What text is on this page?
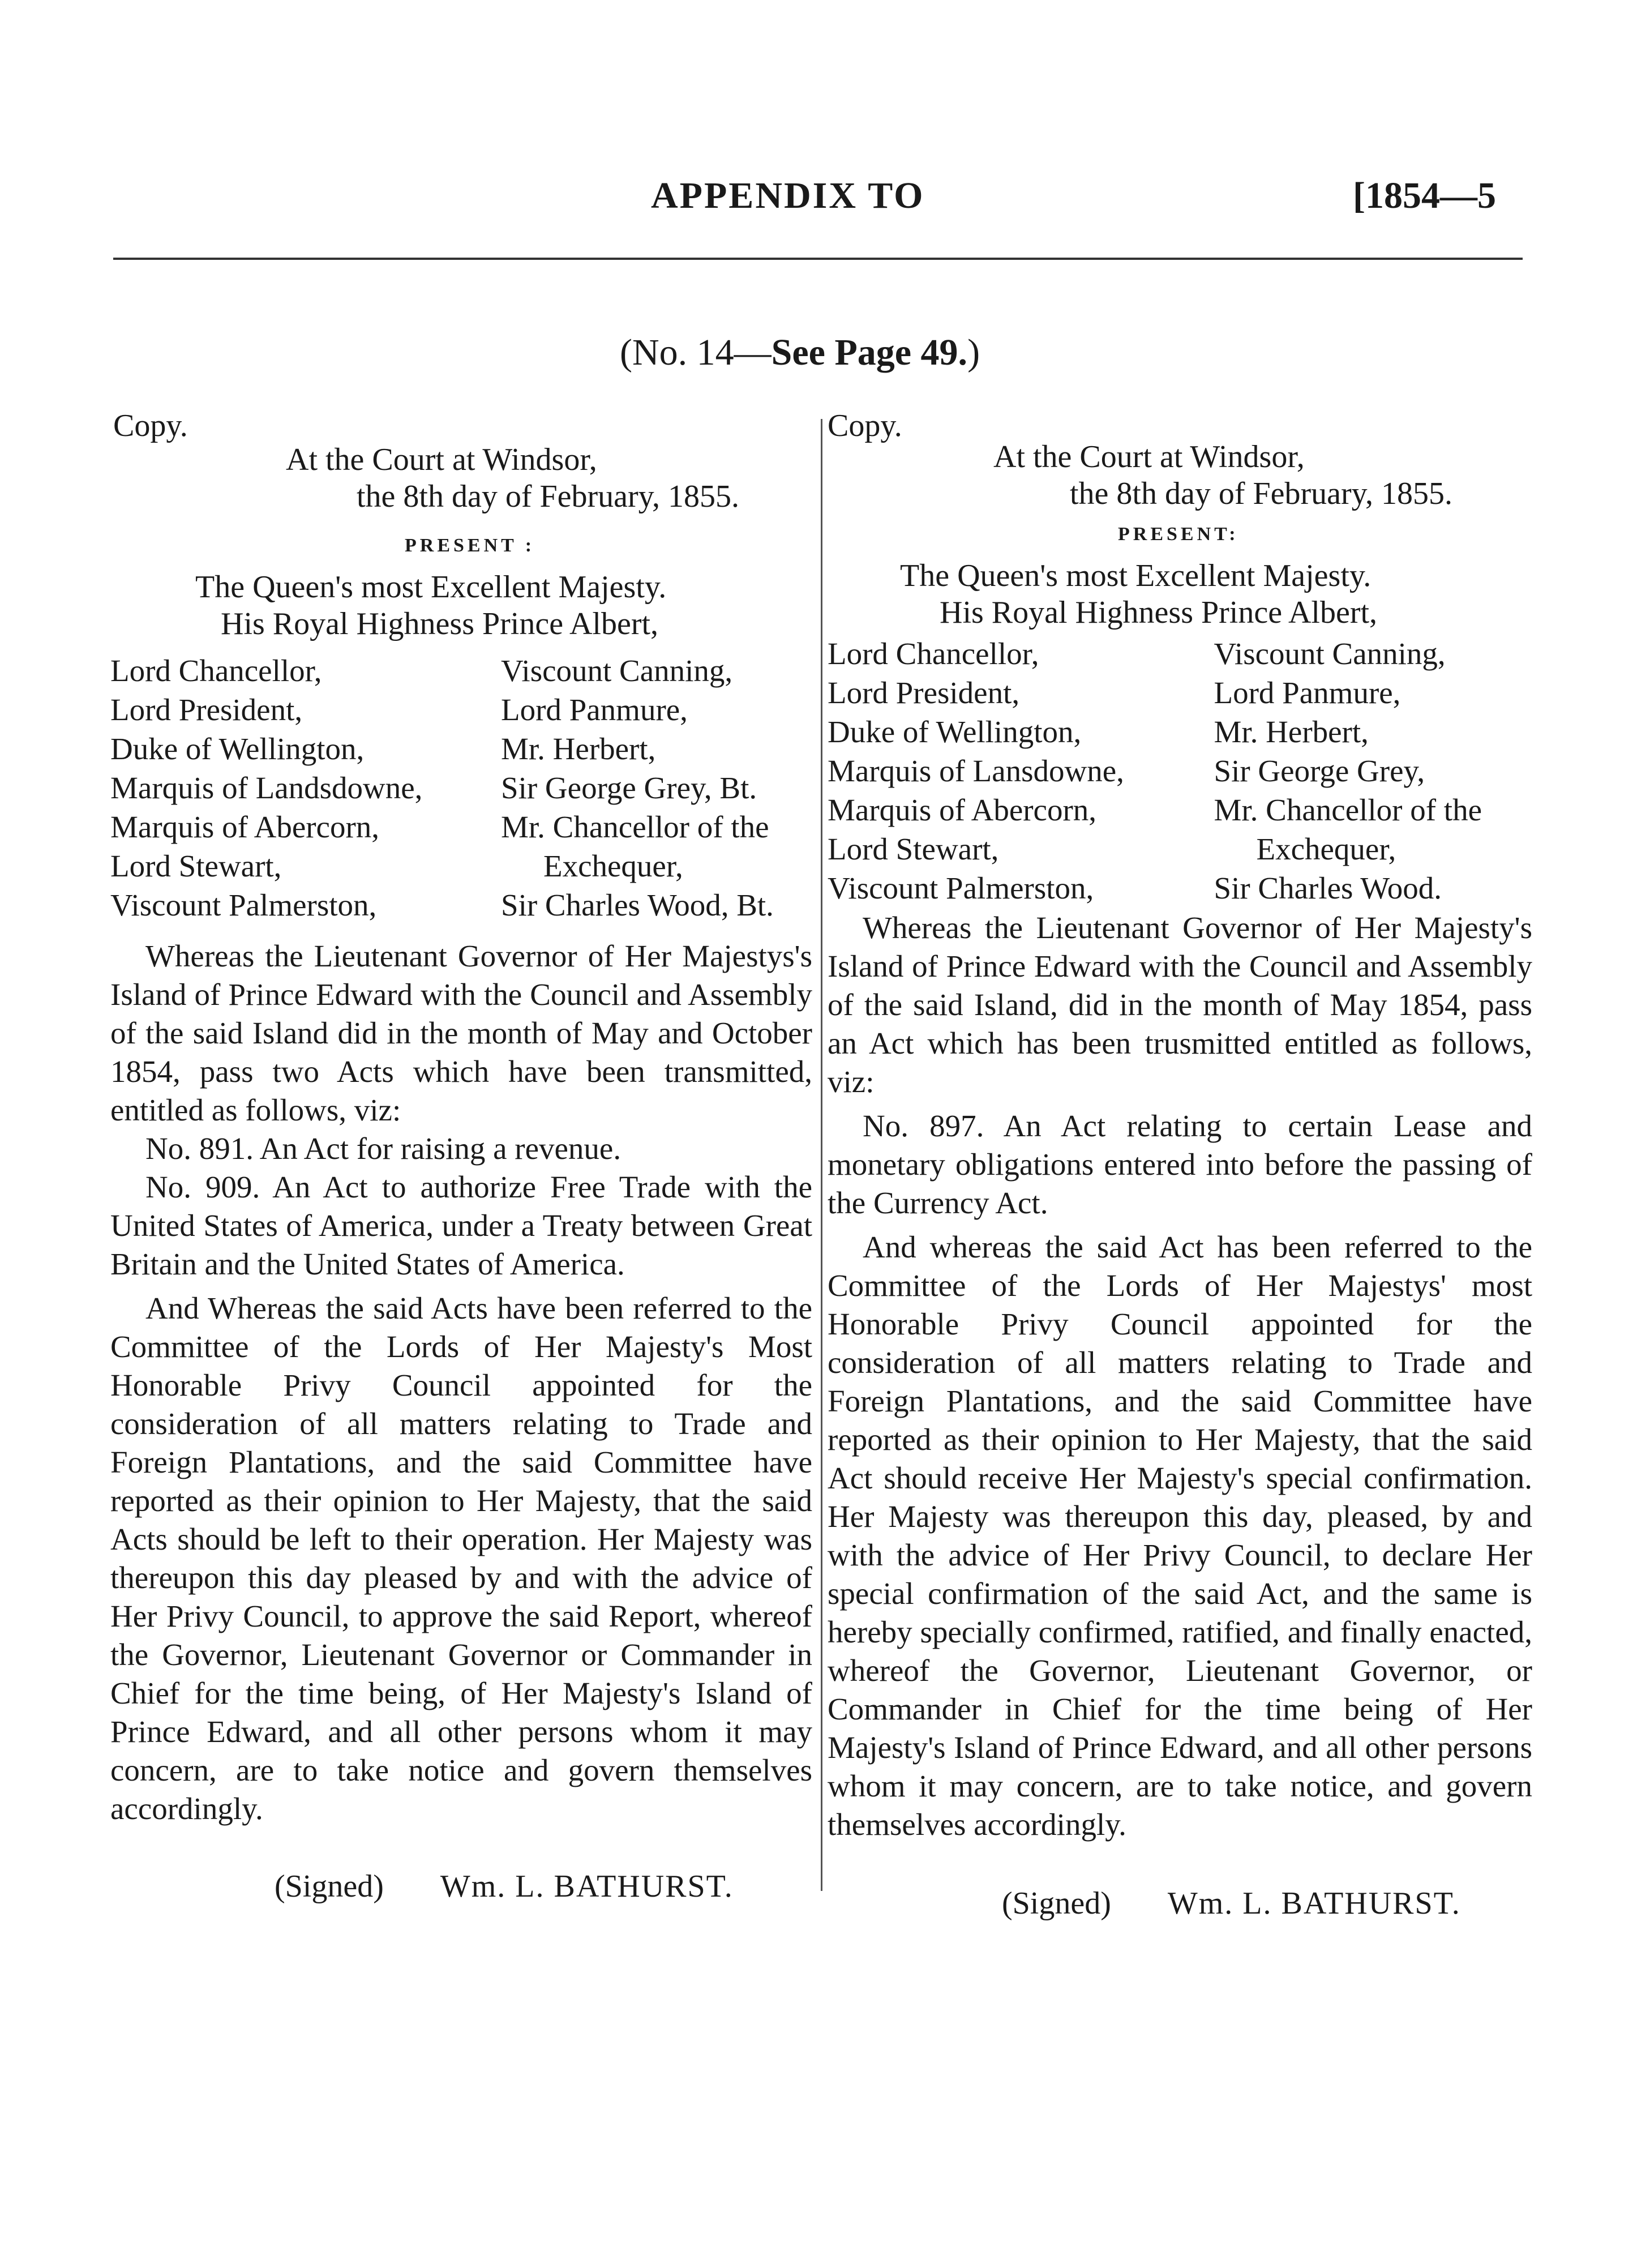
APPENDIX TO	[1854—5
(No. 14—See Page 49.)
Copy.
At the Court at Windsor,
the 8th day of February, 1855.
PRESENT :
The Queen's most Excellent Majesty.
His Royal Highness Prince Albert,
Lord Chancellor,
Lord President,
Duke of Wellington,
Marquis of Landsdowne,
Marquis of Abercorn,
Lord Stewart,
Viscount Palmerston,
Viscount Canning,
Lord Panmure,
Mr. Herbert,
Sir George Grey, Bt.
Mr. Chancellor of the
Exchequer,
Sir Charles Wood, Bt.

Whereas the Lieutenant Governor of Her Majestys's Island of Prince Edward with the Council and Assembly of the said Island did in the month of May and October 1854, pass two Acts which have been transmitted, entitled as follows, viz:

No. 891. An Act for raising a revenue.

No. 909. An Act to authorize Free Trade with the United States of America, under a Treaty between Great Britain and the United States of America.

And Whereas the said Acts have been referred to the Committee of the Lords of Her Majesty's Most Honorable Privy Council appointed for the consideration of all matters relating to Trade and Foreign Plantations, and the said Committee have reported as their opinion to Her Majesty, that the said Acts should be left to their operation. Her Majesty was thereupon this day pleased by and with the advice of Her Privy Council, to approve the said Report, whereof the Governor, Lieutenant Governor or Commander in Chief for the time being, of Her Majesty's Island of Prince Edward, and all other persons whom it may concern, are to take notice and govern themselves accordingly.

(Signed) Wm. L. BATHURST.
Copy.
At the Court at Windsor,
the 8th day of February, 1855.
PRESENT:
The Queen's most Excellent Majesty.
His Royal Highness Prince Albert,
Lord Chancellor,
Lord President,
Duke of Wellington,
Marquis of Lansdowne,
Marquis of Abercorn,
Lord Stewart,
Viscount Palmerston,
Viscount Canning,
Lord Panmure,
Mr. Herbert,
Sir George Grey,
Mr. Chancellor of the
Exchequer,
Sir Charles Wood.

Whereas the Lieutenant Governor of Her Majesty's Island of Prince Edward with the Council and Assembly of the said Island, did in the month of May 1854, pass an Act which has been trusmitted entitled as follows, viz:

No. 897. An Act relating to certain Lease and monetary obligations entered into before the passing of the Currency Act.

And whereas the said Act has been referred to the Committee of the Lords of Her Majestys' most Honorable Privy Council appointed for the consideration of all matters relating to Trade and Foreign Plantations, and the said Committee have reported as their opinion to Her Majesty, that the said Act should receive Her Majesty's special confirmation. Her Majesty was thereupon this day, pleased, by and with the advice of Her Privy Council, to declare Her special confirmation of the said Act, and the same is hereby specially confirmed, ratified, and finally enacted, whereof the Governor, Lieutenant Governor, or Commander in Chief for the time being of Her Majesty's Island of Prince Edward, and all other persons whom it may concern, are to take notice, and govern themselves accordingly.

(Signed) Wm. L. BATHURST.
